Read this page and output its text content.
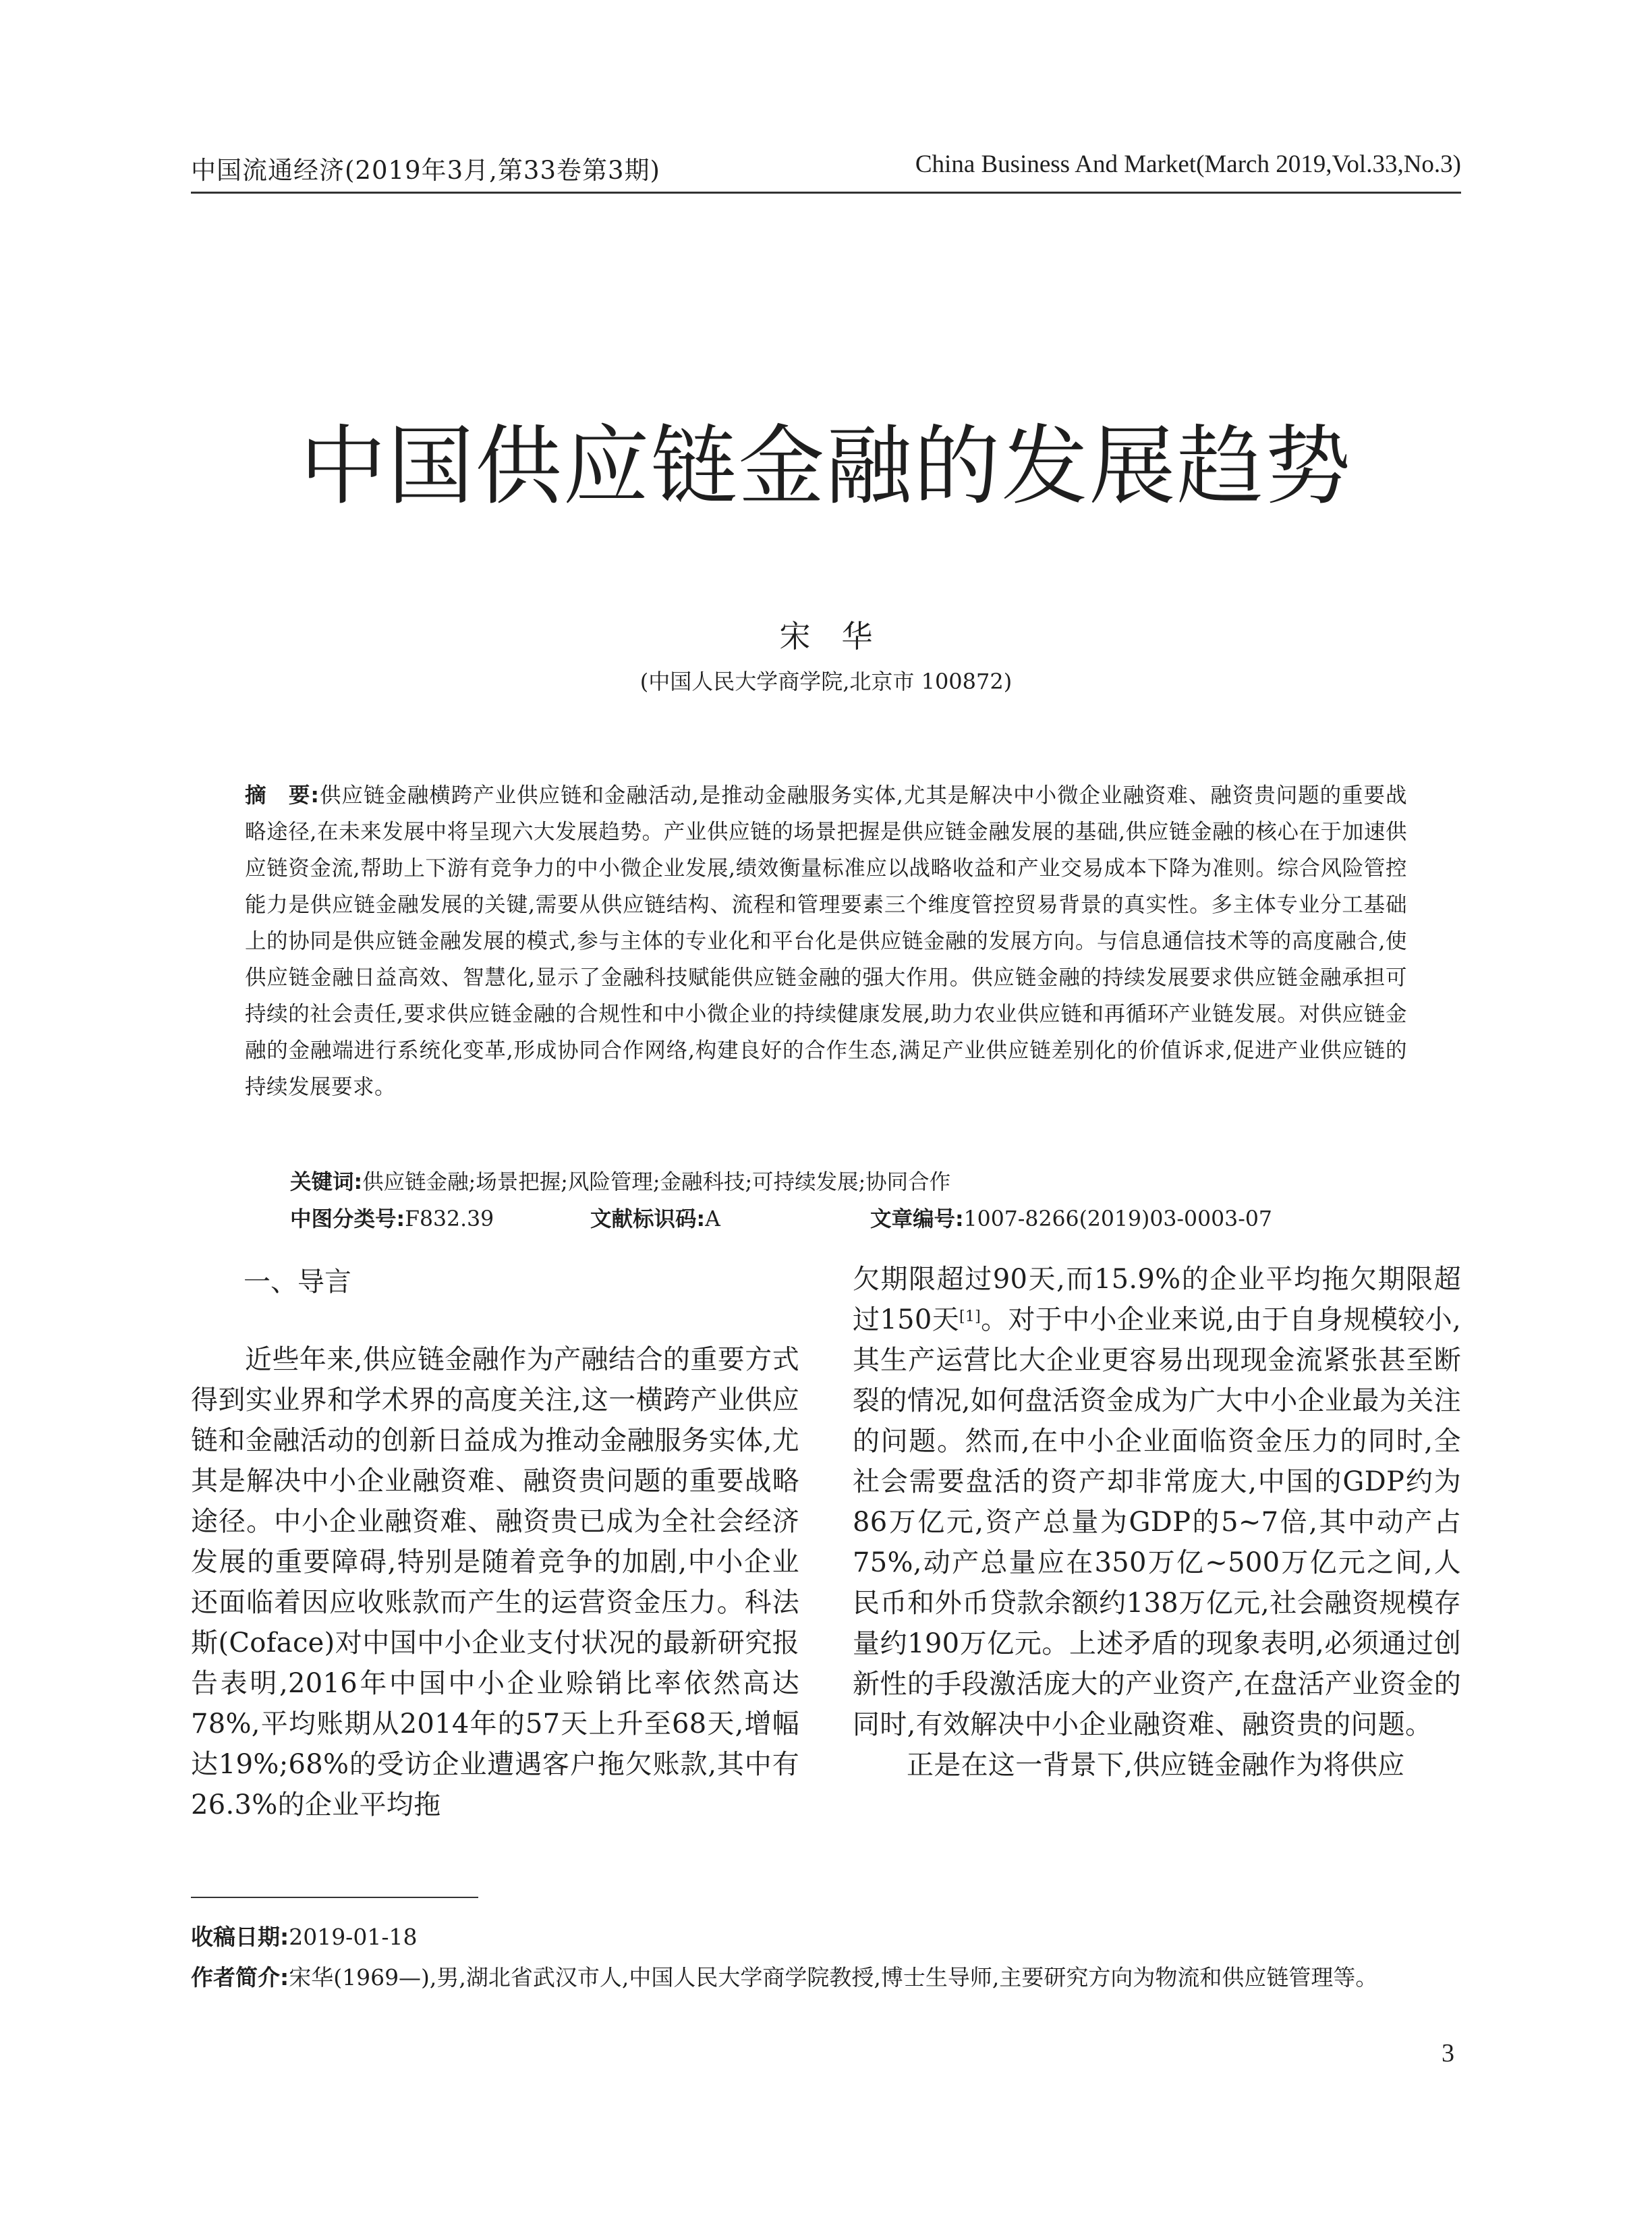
中国流通经济(2019年3月,第33卷第3期)	China Business And Market(March 2019,Vol.33,No.3)
中国供应链金融的发展趋势
宋　华
(中国人民大学商学院,北京市 100872)
摘　要:供应链金融横跨产业供应链和金融活动,是推动金融服务实体,尤其是解决中小微企业融资难、融资贵问题的重要战略途径,在未来发展中将呈现六大发展趋势。产业供应链的场景把握是供应链金融发展的基础,供应链金融的核心在于加速供应链资金流,帮助上下游有竞争力的中小微企业发展,绩效衡量标准应以战略收益和产业交易成本下降为准则。综合风险管控能力是供应链金融发展的关键,需要从供应链结构、流程和管理要素三个维度管控贸易背景的真实性。多主体专业分工基础上的协同是供应链金融发展的模式,参与主体的专业化和平台化是供应链金融的发展方向。与信息通信技术等的高度融合,使供应链金融日益高效、智慧化,显示了金融科技赋能供应链金融的强大作用。供应链金融的持续发展要求供应链金融承担可持续的社会责任,要求供应链金融的合规性和中小微企业的持续健康发展,助力农业供应链和再循环产业链发展。对供应链金融的金融端进行系统化变革,形成协同合作网络,构建良好的合作生态,满足产业供应链差别化的价值诉求,促进产业供应链的持续发展要求。
关键词:供应链金融;场景把握;风险管理;金融科技;可持续发展;协同合作
中图分类号:F832.39	文献标识码:A	文章编号:1007-8266(2019)03-0003-07
一、导言
近些年来,供应链金融作为产融结合的重要方式得到实业界和学术界的高度关注,这一横跨产业供应链和金融活动的创新日益成为推动金融服务实体,尤其是解决中小企业融资难、融资贵问题的重要战略途径。中小企业融资难、融资贵已成为全社会经济发展的重要障碍,特别是随着竞争的加剧,中小企业还面临着因应收账款而产生的运营资金压力。科法斯(Coface)对中国中小企业支付状况的最新研究报告表明,2016年中国中小企业赊销比率依然高达78%,平均账期从2014年的57天上升至68天,增幅达19%;68%的受访企业遭遇客户拖欠账款,其中有26.3%的企业平均拖
欠期限超过90天,而15.9%的企业平均拖欠期限超过150天[1]。对于中小企业来说,由于自身规模较小,其生产运营比大企业更容易出现现金流紧张甚至断裂的情况,如何盘活资金成为广大中小企业最为关注的问题。然而,在中小企业面临资金压力的同时,全社会需要盘活的资产却非常庞大,中国的GDP约为86万亿元,资产总量为GDP的5~7倍,其中动产占75%,动产总量应在350万亿~500万亿元之间,人民币和外币贷款余额约138万亿元,社会融资规模存量约190万亿元。上述矛盾的现象表明,必须通过创新性的手段激活庞大的产业资产,在盘活产业资金的同时,有效解决中小企业融资难、融资贵的问题。
正是在这一背景下,供应链金融作为将供应
收稿日期:2019-01-18
作者简介:宋华(1969—),男,湖北省武汉市人,中国人民大学商学院教授,博士生导师,主要研究方向为物流和供应链管理等。
3
